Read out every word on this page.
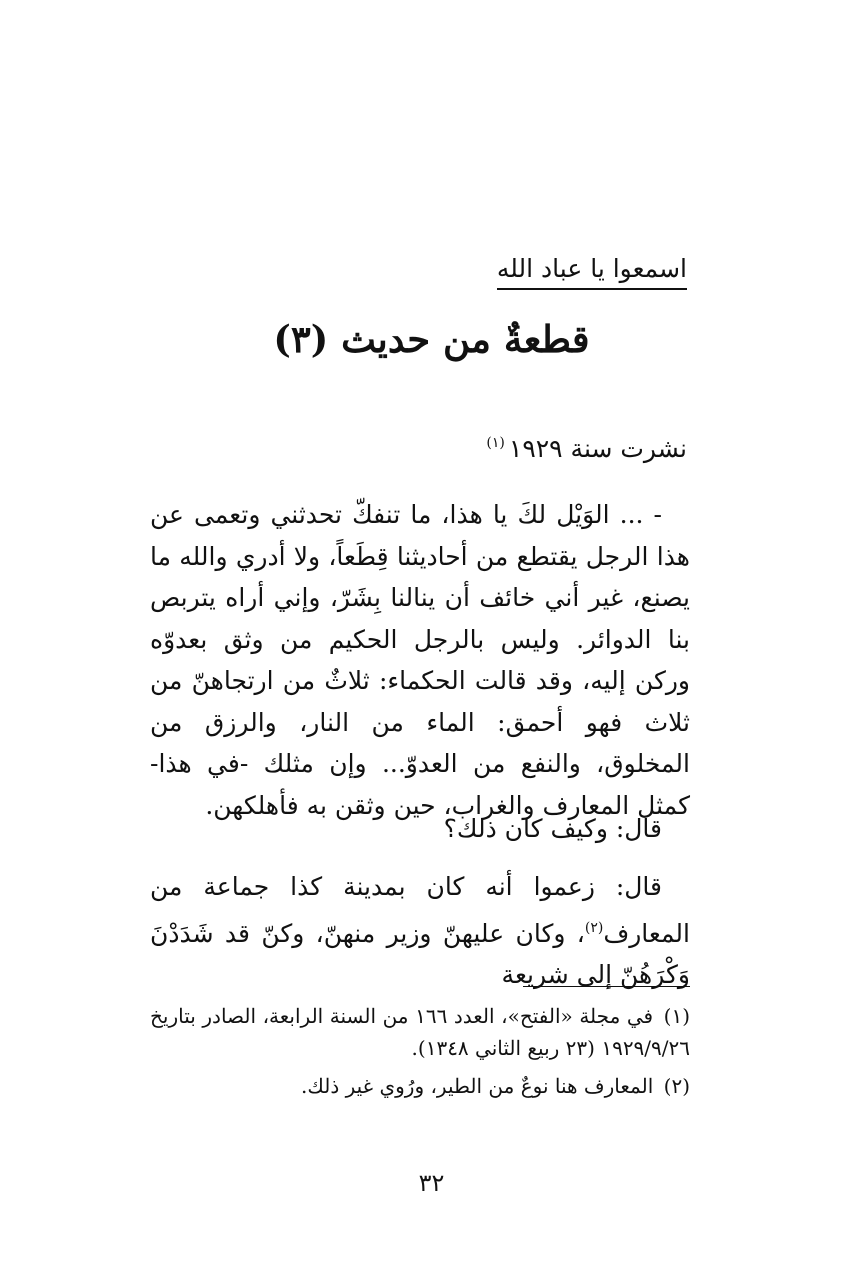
اسمعوا يا عباد الله
قطعةٌ من حديث (٣)
نشرت سنة ١٩٢٩$^{(١)}$

- ... الوَيْل لكَ يا هذا، ما تنفكّ تحدثني وتعمى عن هذا الرجل يقتطع من أحاديثنا قِطَعاً، ولا أدري والله ما يصنع، غير أني خائف أن ينالنا بِشَرّ، وإني أراه يتربص بنا الدوائر. وليس بالرجل الحكيم من وثق بعدوّه وركن إليه، وقد قالت الحكماء: ثلاثٌ من ارتجاهنّ من ثلاث فهو أحمق: الماء من النار، والرزق من المخلوق، والنفع من العدوّ... وإن مثلك -في هذا- كمثل المعارف والغراب، حين وثقن به فأهلكهن.

قال: وكيف كان ذلك؟

قال: زعموا أنه كان بمدينة كذا جماعة من المعارف$^{(٢)}$، وكان عليهنّ وزير منهنّ، وكنّ قد شَدَدْنَ وَكْرَهُنّ إلى شريعة

(١) في مجلة «الفتح»، العدد ١٦٦ من السنة الرابعة، الصادر بتاريخ ١٩٢٩/٩/٢٦ (٢٣ ربيع الثاني ١٣٤٨).

(٢) المعارف هنا نوعٌ من الطير، ورُوي غير ذلك.

٣٢
